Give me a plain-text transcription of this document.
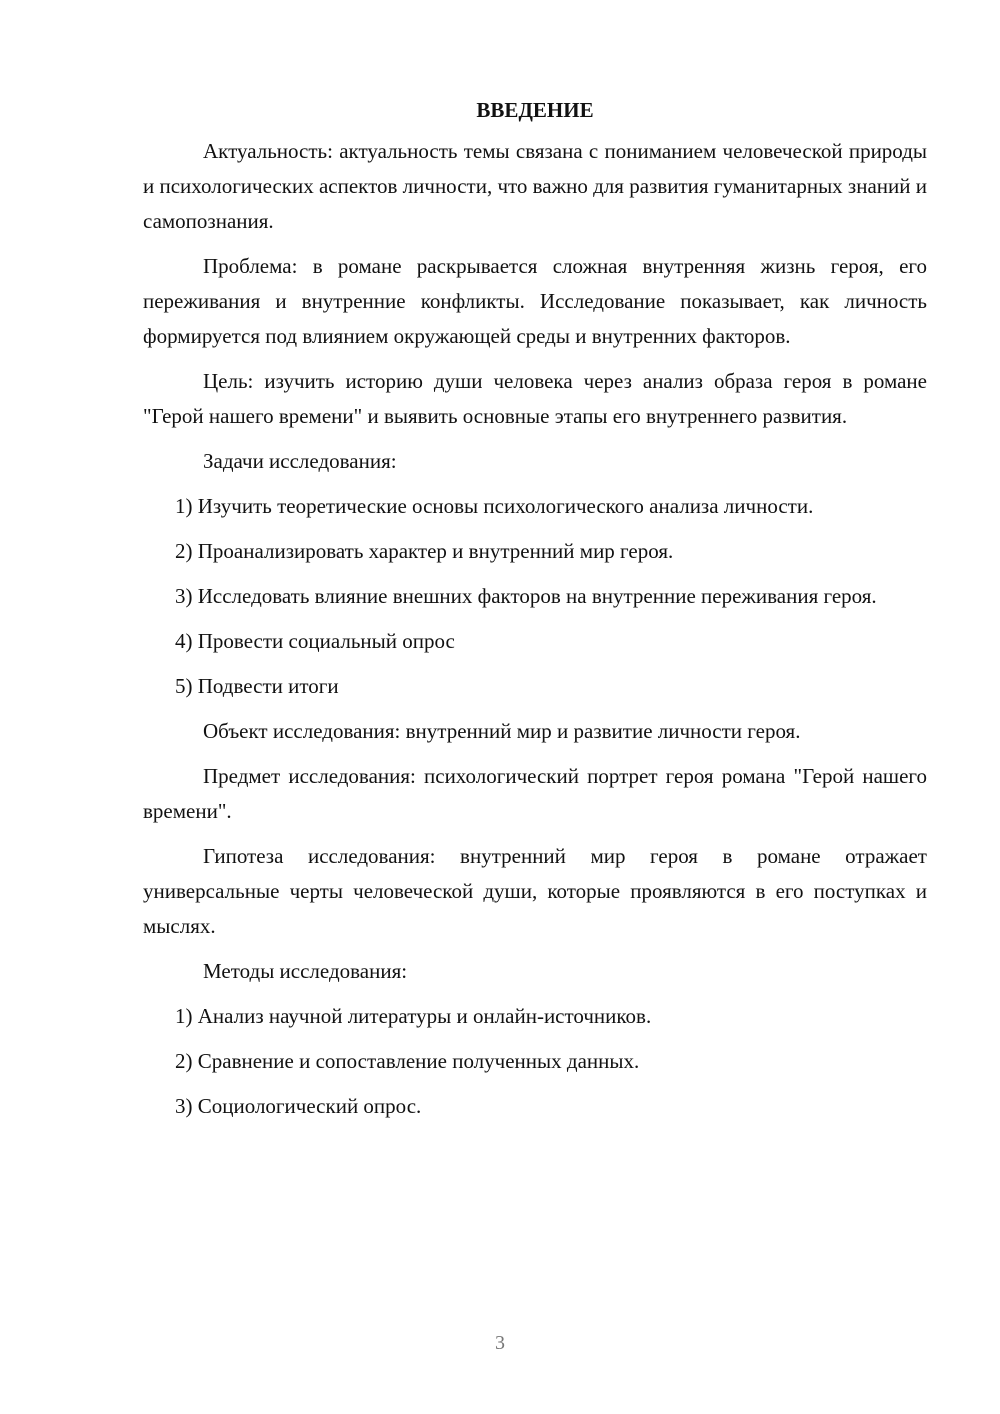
ВВЕДЕНИЕ

Актуальность: актуальность темы связана с пониманием человеческой природы и психологических аспектов личности, что важно для развития гуманитарных знаний и самопознания.

Проблема: в романе раскрывается сложная внутренняя жизнь героя, его переживания и внутренние конфликты. Исследование показывает, как личность формируется под влиянием окружающей среды и внутренних факторов.

Цель: изучить историю души человека через анализ образа героя в романе "Герой нашего времени" и выявить основные этапы его внутреннего развития.

Задачи исследования:

1) Изучить теоретические основы психологического анализа личности.

2) Проанализировать характер и внутренний мир героя.

3) Исследовать влияние внешних факторов на внутренние переживания героя.

4) Провести социальный опрос

5) Подвести итоги

Объект исследования: внутренний мир и развитие личности героя.

Предмет исследования: психологический портрет героя романа "Герой нашего времени".

Гипотеза исследования: внутренний мир героя в романе отражает универсальные черты человеческой души, которые проявляются в его поступках и мыслях.

Методы исследования:

1) Анализ научной литературы и онлайн-источников.

2) Сравнение и сопоставление полученных данных.

3) Социологический опрос.

3
